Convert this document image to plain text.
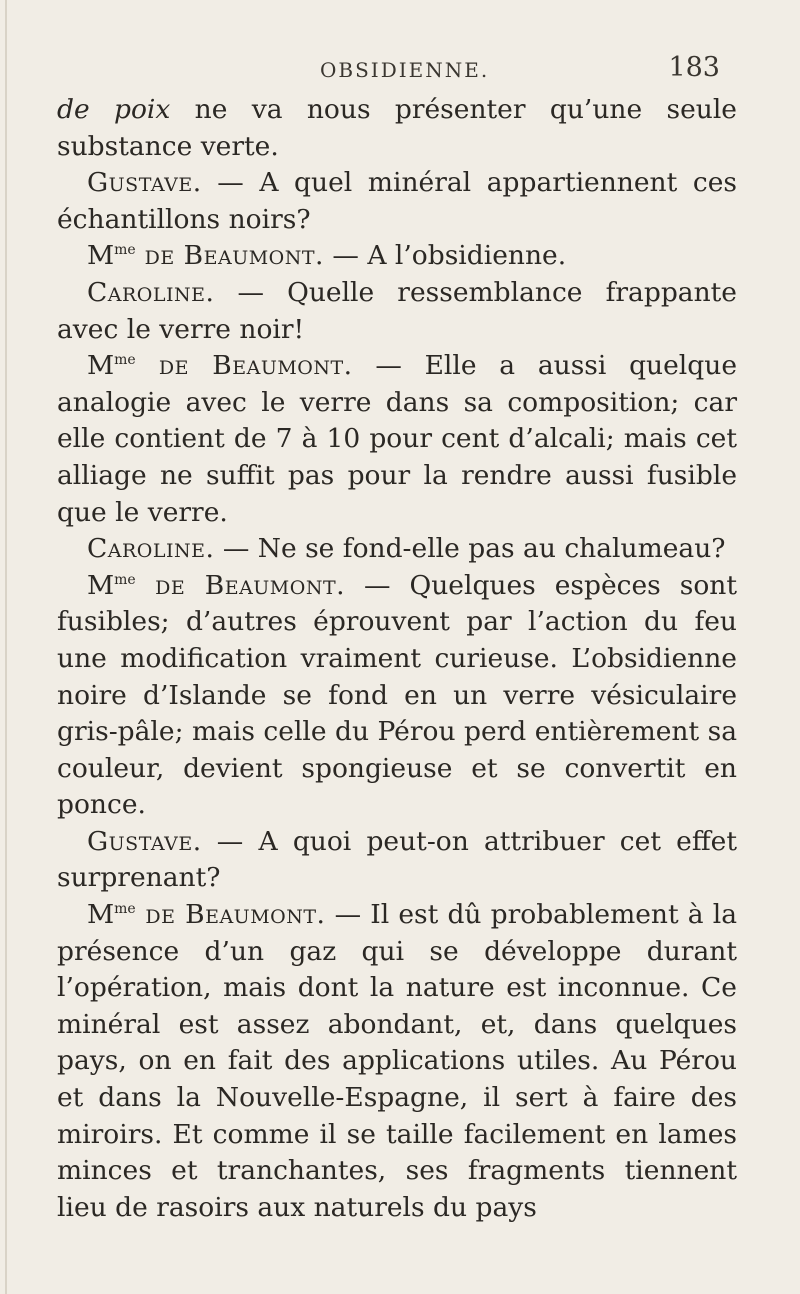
OBSIDIENNE.	183

de poix ne va nous présenter qu’une seule substance verte.

Gustave. — A quel minéral appartiennent ces échantillons noirs?

$M^{me}$ de Beaumont. — A l’obsidienne.

Caroline. — Quelle ressemblance frappante avec le verre noir!

$M^{me}$ de Beaumont. — Elle a aussi quelque analogie avec le verre dans sa composition; car elle contient de 7 à 10 pour cent d’alcali; mais cet alliage ne suffit pas pour la rendre aussi fusible que le verre.

Caroline. — Ne se fond-elle pas au chalumeau?

$M^{me}$ de Beaumont. — Quelques espèces sont fusibles; d’autres éprouvent par l’action du feu une modification vraiment curieuse. L’obsidienne noire d’Islande se fond en un verre vésiculaire gris-pâle; mais celle du Pérou perd entièrement sa couleur, devient spongieuse et se convertit en ponce.

Gustave. — A quoi peut-on attribuer cet effet surprenant?

$M^{me}$ de Beaumont. — Il est dû probablement à la présence d’un gaz qui se développe durant l’opération, mais dont la nature est inconnue. Ce minéral est assez abondant, et, dans quelques pays, on en fait des applications utiles. Au Pérou et dans la Nouvelle-Espagne, il sert à faire des miroirs. Et comme il se taille facilement en lames minces et tranchantes, ses fragments tiennent lieu de rasoirs aux naturels du pays
